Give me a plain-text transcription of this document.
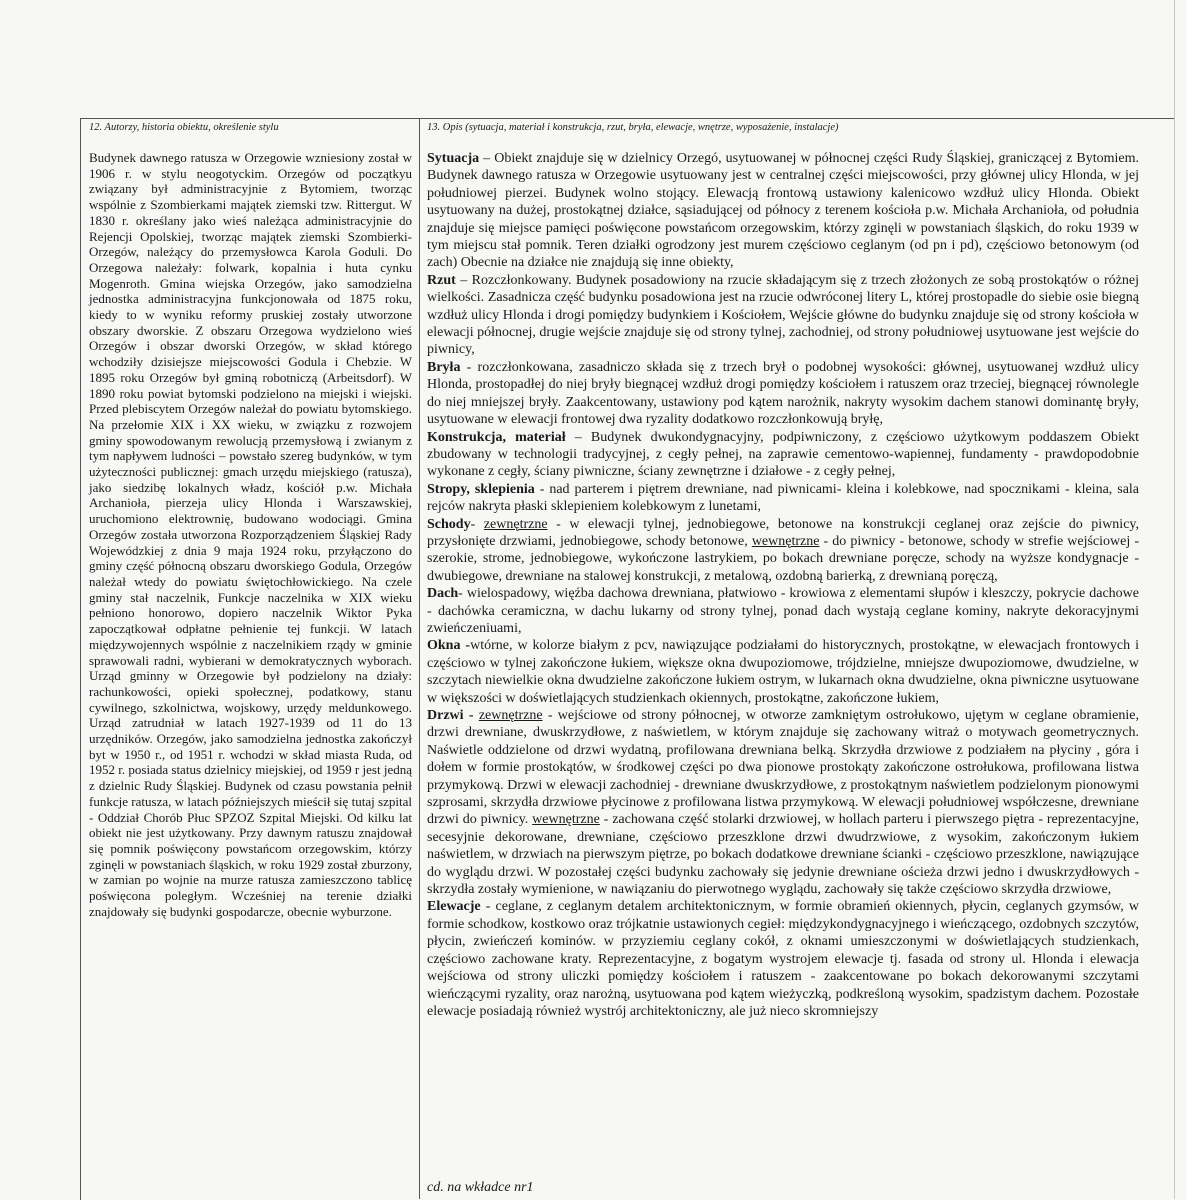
12. Autorzy, historia obiektu, określenie stylu	13. Opis (sytuacja, materiał i konstrukcja, rzut, bryła, elewacje, wnętrze, wyposażenie, instalacje)
Budynek dawnego ratusza w Orzegowie wzniesiony został w 1906 r. w stylu neogotyckim. Orzegów od początkyu związany był administracyjnie z Bytomiem, tworząc wspólnie z Szombierkami majątek ziemski tzw. Rittergut. W 1830 r. określany jako wieś należąca administracyjnie do Rejencji Opolskiej, tworząc majątek ziemski Szombierki-Orzegów, należący do przemysłowca Karola Goduli. Do Orzegowa należały: folwark, kopalnia i huta cynku Mogenroth. Gmina wiejska Orzegów, jako samodzielna jednostka administracyjna funkcjonowała od 1875 roku, kiedy to w wyniku reformy pruskiej zostały utworzone obszary dworskie. Z obszaru Orzegowa wydzielono wieś Orzegów i obszar dworski Orzegów, w skład którego wchodziły dzisiejsze miejscowości Godula i Chebzie. W 1895 roku Orzegów był gminą robotniczą (Arbeitsdorf). W 1890 roku powiat bytomski podzielono na miejski i wiejski. Przed plebiscytem Orzegów należał do powiatu bytomskiego. Na przełomie XIX i XX wieku, w związku z rozwojem gminy spowodowanym rewolucją przemysłową i zwianym z tym napływem ludności – powstało szereg budynków, w tym użyteczności publicznej: gmach urzędu miejskiego (ratusza), jako siedzibę lokalnych władz, kościół p.w. Michała Archanioła, pierzeja ulicy Hlonda i Warszawskiej, uruchomiono elektrownię, budowano wodociągi. Gmina Orzegów została utworzona Rozporządzeniem Śląskiej Rady Wojewódzkiej z dnia 9 maja 1924 roku, przyłączono do gminy część północną obszaru dworskiego Godula, Orzegów należał wtedy do powiatu świętochłowickiego. Na czele gminy stał naczelnik, Funkcje naczelnika w XIX wieku pełniono honorowo, dopiero naczelnik Wiktor Pyka zapoczątkował odpłatne pełnienie tej funkcji. W latach międzywojennych wspólnie z naczelnikiem rządy w gminie sprawowali radni, wybierani w demokratycznych wyborach. Urząd gminny w Orzegowie był podzielony na działy: rachunkowości, opieki społecznej, podatkowy, stanu cywilnego, szkolnictwa, wojskowy, urzędy meldunkowego. Urząd zatrudniał w latach 1927-1939 od 11 do 13 urzędników. Orzegów, jako samodzielna jednostka zakończył byt w 1950 r., od 1951 r. wchodzi w skład miasta Ruda, od 1952 r. posiada status dzielnicy miejskiej, od 1959 r jest jedną z dzielnic Rudy Śląskiej. Budynek od czasu powstania pełnił funkcje ratusza, w latach późniejszych mieścił się tutaj szpital - Oddział Chorób Płuc SPZOZ Szpital Miejski. Od kilku lat obiekt nie jest użytkowany. Przy dawnym ratuszu znajdował się pomnik poświęcony powstańcom orzegowskim, którzy zginęli w powstaniach śląskich, w roku 1929 został zburzony, w zamian po wojnie na murze ratusza zamieszczono tablicę poświęcona poległym. Wcześniej na terenie działki znajdowały się budynki gospodarcze, obecnie wyburzone.

Sytuacja – Obiekt znajduje się w dzielnicy Orzegó, usytuowanej w północnej części Rudy Śląskiej, graniczącej z Bytomiem. Budynek dawnego ratusza w Orzegowie usytuowany jest w centralnej części miejscowości, przy głównej ulicy Hlonda, w jej południowej pierzei. Budynek wolno stojący. Elewacją frontową ustawiony kalenicowo wzdłuż ulicy Hlonda. Obiekt usytuowany na dużej, prostokątnej działce, sąsiadującej od północy z terenem kościoła p.w. Michała Archanioła, od południa znajduje się miejsce pamięci poświęcone powstańcom orzegowskim, którzy zginęli w powstaniach śląskich, do roku 1939 w tym miejscu stał pomnik. Teren działki ogrodzony jest murem częściowo ceglanym (od pn i pd), częściowo betonowym (od zach) Obecnie na działce nie znajdują się inne obiekty,

Rzut – Rozczłonkowany. Budynek posadowiony na rzucie składającym się z trzech złożonych ze sobą prostokątów o różnej wielkości. Zasadnicza część budynku posadowiona jest na rzucie odwróconej litery L, której prostopadle do siebie osie biegną wzdłuż ulicy Hlonda i drogi pomiędzy budynkiem i Kościołem, Wejście główne do budynku znajduje się od strony kościoła w elewacji północnej, drugie wejście znajduje się od strony tylnej, zachodniej, od strony południowej usytuowane jest wejście do piwnicy,

Bryła - rozczłonkowana, zasadniczo składa się z trzech brył o podobnej wysokości: głównej, usytuowanej wzdłuż ulicy Hlonda, prostopadłej do niej bryły biegnącej wzdłuż drogi pomiędzy kościołem i ratuszem oraz trzeciej, biegnącej równolegle do niej mniejszej bryły. Zaakcentowany, ustawiony pod kątem narożnik, nakryty wysokim dachem stanowi dominantę bryły, usytuowane w elewacji frontowej dwa ryzality dodatkowo rozczłonkowują bryłę,

Konstrukcja, materiał – Budynek dwukondygnacyjny, podpiwniczony, z częściowo użytkowym poddaszem Obiekt zbudowany w technologii tradycyjnej, z cegły pełnej, na zaprawie cementowo-wapiennej, fundamenty - prawdopodobnie wykonane z cegły, ściany piwniczne, ściany zewnętrzne i działowe - z cegły pełnej,

Stropy, sklepienia - nad parterem i piętrem drewniane, nad piwnicami- kleina i kolebkowe, nad spocznikami - kleina, sala rejców nakryta płaski sklepieniem kolebkowym z lunetami,

Schody- zewnętrzne - w elewacji tylnej, jednobiegowe, betonowe na konstrukcji ceglanej oraz zejście do piwnicy, przysłonięte drzwiami, jednobiegowe, schody betonowe, wewnętrzne - do piwnicy - betonowe, schody w strefie wejściowej - szerokie, strome, jednobiegowe, wykończone lastrykiem, po bokach drewniane poręcze, schody na wyższe kondygnacje - dwubiegowe, drewniane na stalowej konstrukcji, z metalową, ozdobną barierką, z drewnianą poręczą,

Dach- wielospadowy, więźba dachowa drewniana, płatwiowo - krowiowa z elementami słupów i kleszczy, pokrycie dachowe - dachówka ceramiczna, w dachu lukarny od strony tylnej, ponad dach wystają ceglane kominy, nakryte dekoracyjnymi zwieńczeniuami,

Okna -wtórne, w kolorze białym z pcv, nawiązujące podziałami do historycznych, prostokątne, w elewacjach frontowych i częściowo w tylnej zakończone łukiem, większe okna dwupoziomowe, trójdzielne, mniejsze dwupoziomowe, dwudzielne, w szczytach niewielkie okna dwudzielne zakończone łukiem ostrym, w lukarnach okna dwudzielne, okna piwniczne usytuowane w większości w doświetlających studzienkach okiennych, prostokątne, zakończone łukiem,

Drzwi - zewnętrzne - wejściowe od strony północnej, w otworze zamkniętym ostrołukowo, ujętym w ceglane obramienie, drzwi drewniane, dwuskrzydłowe, z naświetlem, w którym znajduje się zachowany witraż o motywach geometrycznych. Naświetle oddzielone od drzwi wydatną, profilowana drewniana belką. Skrzydła drzwiowe z podziałem na płyciny , góra i dołem w formie prostokątów, w środkowej części po dwa pionowe prostokąty zakończone ostrołukowa, profilowana listwa przymykową. Drzwi w elewacji zachodniej - drewniane dwuskrzydłowe, z prostokątnym naświetlem podzielonym pionowymi szprosami, skrzydła drzwiowe płycinowe z profilowana listwa przymykową. W elewacji południowej współczesne, drewniane drzwi do piwnicy. wewnętrzne - zachowana część stolarki drzwiowej, w hollach parteru i pierwszego piętra - reprezentacyjne, secesyjnie dekorowane, drewniane, częściowo przeszklone drzwi dwudrzwiowe, z wysokim, zakończonym łukiem naświetlem, w drzwiach na pierwszym piętrze, po bokach dodatkowe drewniane ścianki - częściowo przeszklone, nawiązujące do wyglądu drzwi. W pozostałej części budynku zachowały się jedynie drewniane ościeża drzwi jedno i dwuskrzydłowych - skrzydła zostały wymienione, w nawiązaniu do pierwotnego wyglądu, zachowały się także częściowo skrzydła drzwiowe,

Elewacje - ceglane, z ceglanym detalem architektonicznym, w formie obramień okiennych, płycin, ceglanych gzymsów, w formie schodkow, kostkowo oraz trójkatnie ustawionych cegieł: międzykondygnacyjnego i wieńczącego, ozdobnych szczytów, płycin, zwieńczeń kominów. w przyziemiu ceglany cokół, z oknami umieszczonymi w doświetlających studzienkach, częściowo zachowane kraty. Reprezentacyjne, z bogatym wystrojem elewacje tj. fasada od strony ul. Hlonda i elewacja wejściowa od strony uliczki pomiędzy kościołem i ratuszem - zaakcentowane po bokach dekorowanymi szczytami wieńczącymi ryzality, oraz narożną, usytuowana pod kątem wieżyczką, podkreśloną wysokim, spadzistym dachem. Pozostałe elewacje posiadają również wystrój architektoniczny, ale już nieco skromniejszy

cd. na wkładce nr1
